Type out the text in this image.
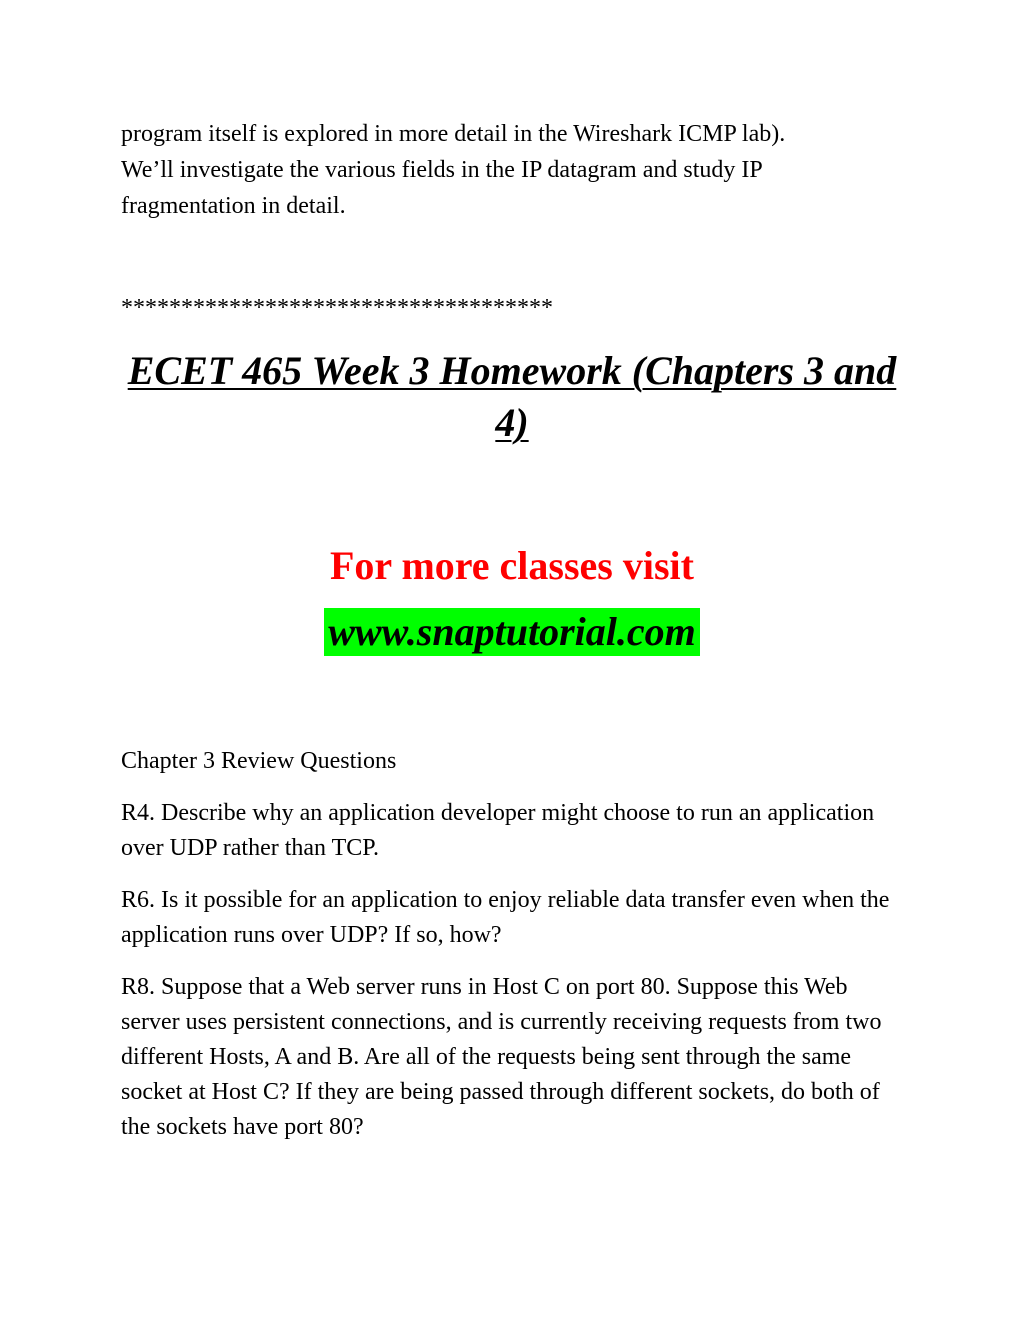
program itself is explored in more detail in the Wireshark ICMP lab).

We’ll investigate the various fields in the IP datagram and study IP

fragmentation in detail.

************************************
ECET 465 Week 3 Homework (Chapters 3 and 4)
For more classes visit
www.snaptutorial.com

Chapter 3 Review Questions

R4. Describe why an application developer might choose to run an application over UDP rather than TCP.

R6. Is it possible for an application to enjoy reliable data transfer even when the application runs over UDP? If so, how?

R8. Suppose that a Web server runs in Host C on port 80. Suppose this Web server uses persistent connections, and is currently receiving requests from two different Hosts, A and B. Are all of the requests being sent through the same socket at Host C? If they are being passed through different sockets, do both of the sockets have port 80?
